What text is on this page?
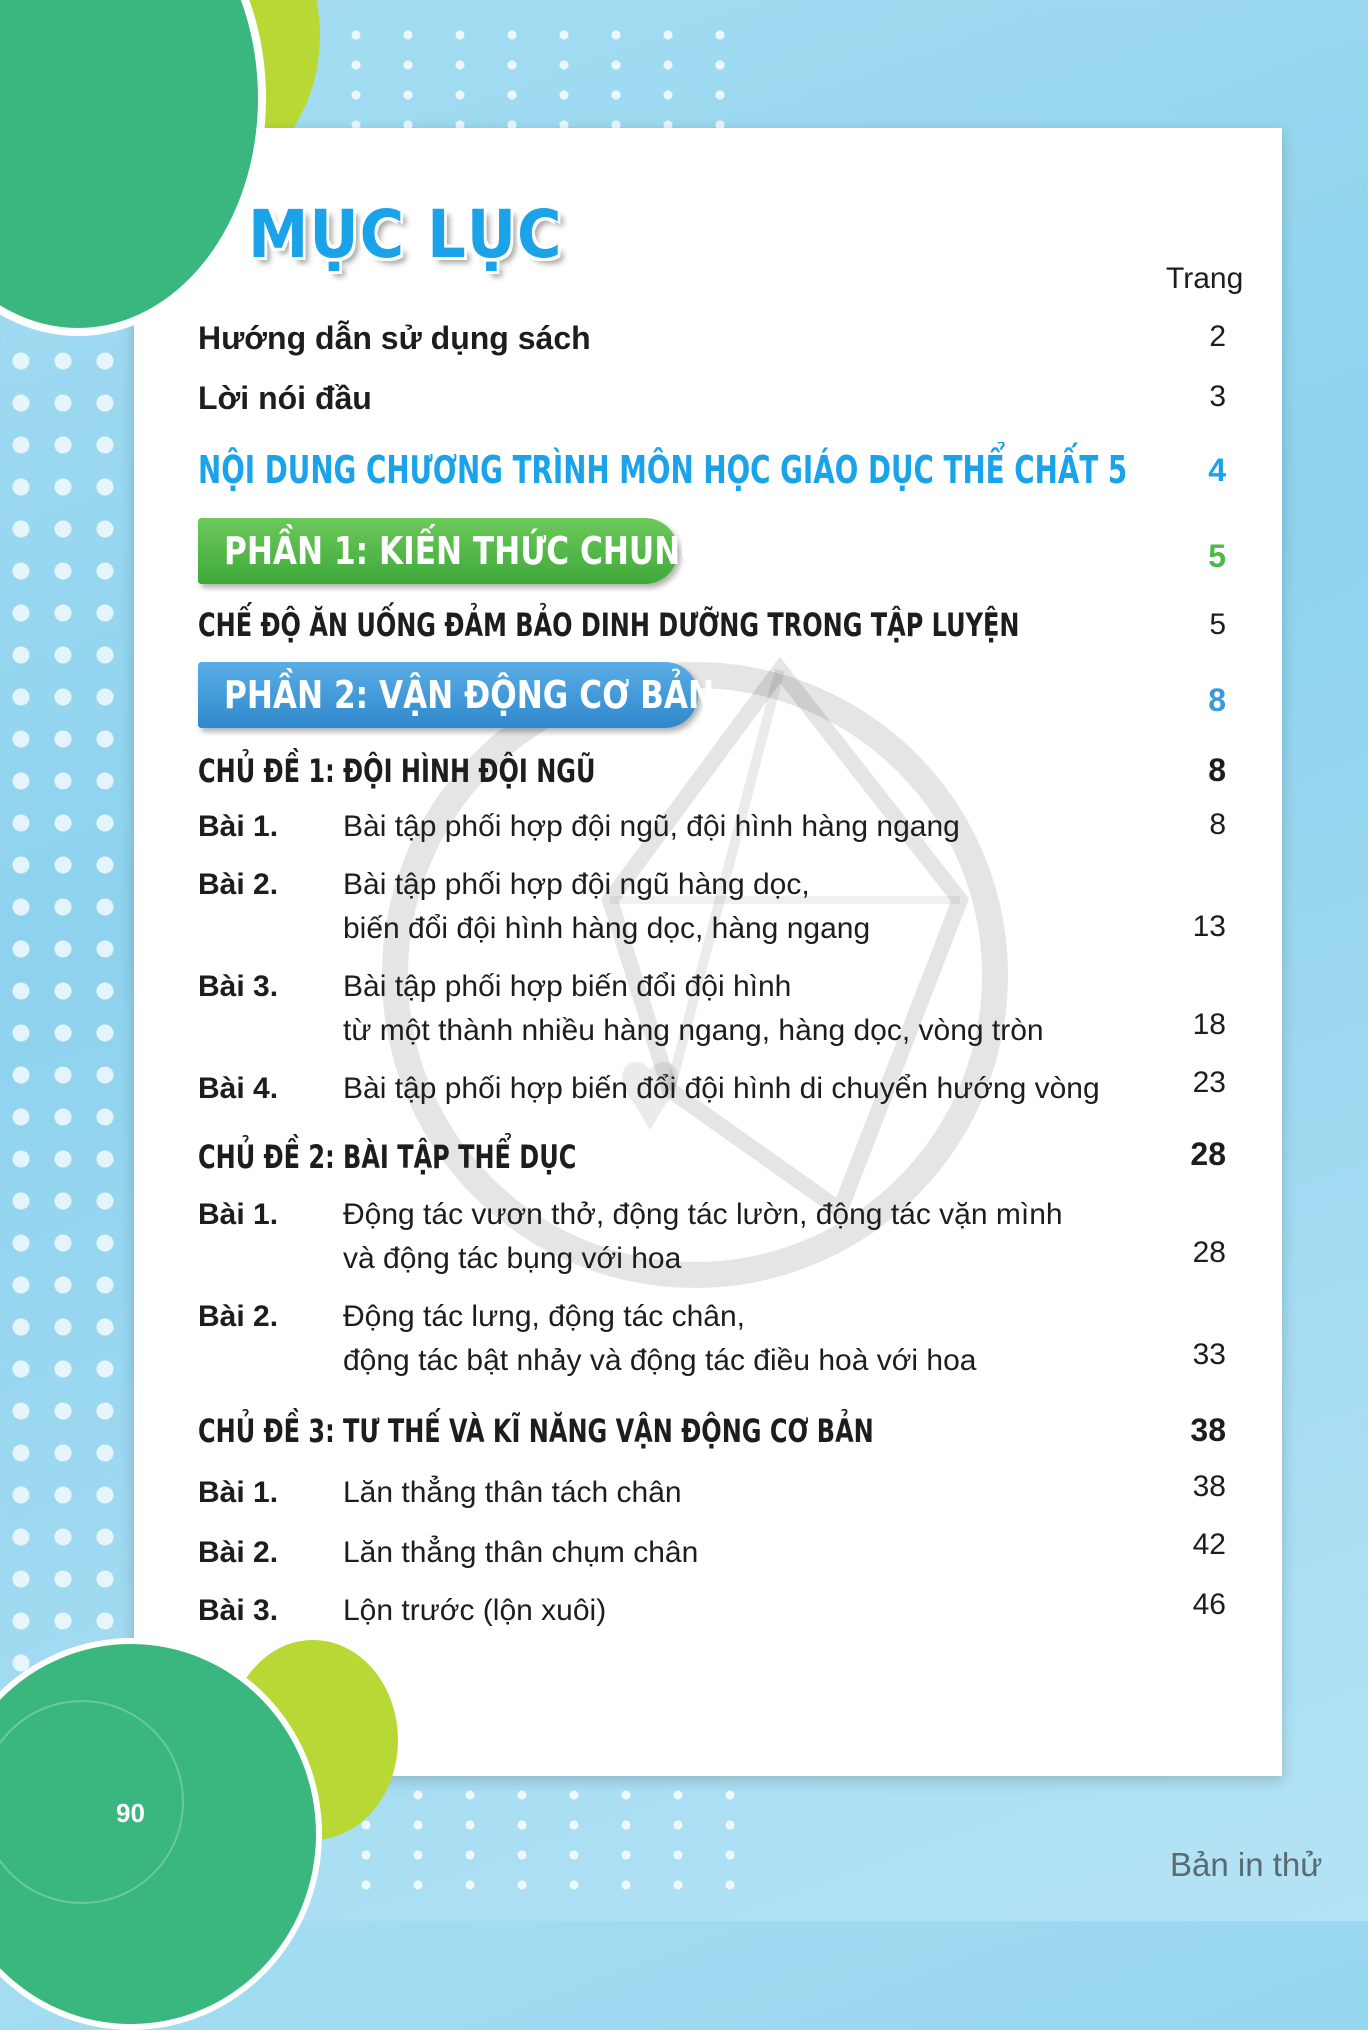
MỤC LỤC
Trang
Hướng dẫn sử dụng sách	2
Lời nói đầu	3
NỘI DUNG CHƯƠNG TRÌNH MÔN HỌC GIÁO DỤC THỂ CHẤT 5	4
PHẦN 1: KIẾN THỨC CHUNG	5
CHẾ ĐỘ ĂN UỐNG ĐẢM BẢO DINH DƯỠNG TRONG TẬP LUYỆN	5
PHẦN 2: VẬN ĐỘNG CƠ BẢN	8
CHỦ ĐỀ 1: ĐỘI HÌNH ĐỘI NGŨ	8
Bài 1. Bài tập phối hợp đội ngũ, đội hình hàng ngang	8
Bài 2. Bài tập phối hợp đội ngũ hàng dọc,
biến đổi đội hình hàng dọc, hàng ngang	13
Bài 3. Bài tập phối hợp biến đổi đội hình
từ một thành nhiều hàng ngang, hàng dọc, vòng tròn	18
Bài 4. Bài tập phối hợp biến đổi đội hình di chuyển hướng vòng	23
CHỦ ĐỀ 2: BÀI TẬP THỂ DỤC	28
Bài 1. Động tác vươn thở, động tác lườn, động tác vặn mình
và động tác bụng với hoa	28
Bài 2. Động tác lưng, động tác chân,
động tác bật nhảy và động tác điều hoà với hoa	33
CHỦ ĐỀ 3: TƯ THẾ VÀ KĨ NĂNG VẬN ĐỘNG CƠ BẢN	38
Bài 1. Lăn thẳng thân tách chân	38
Bài 2. Lăn thẳng thân chụm chân	42
Bài 3. Lộn trước (lộn xuôi)	46
90
Bản in thử
